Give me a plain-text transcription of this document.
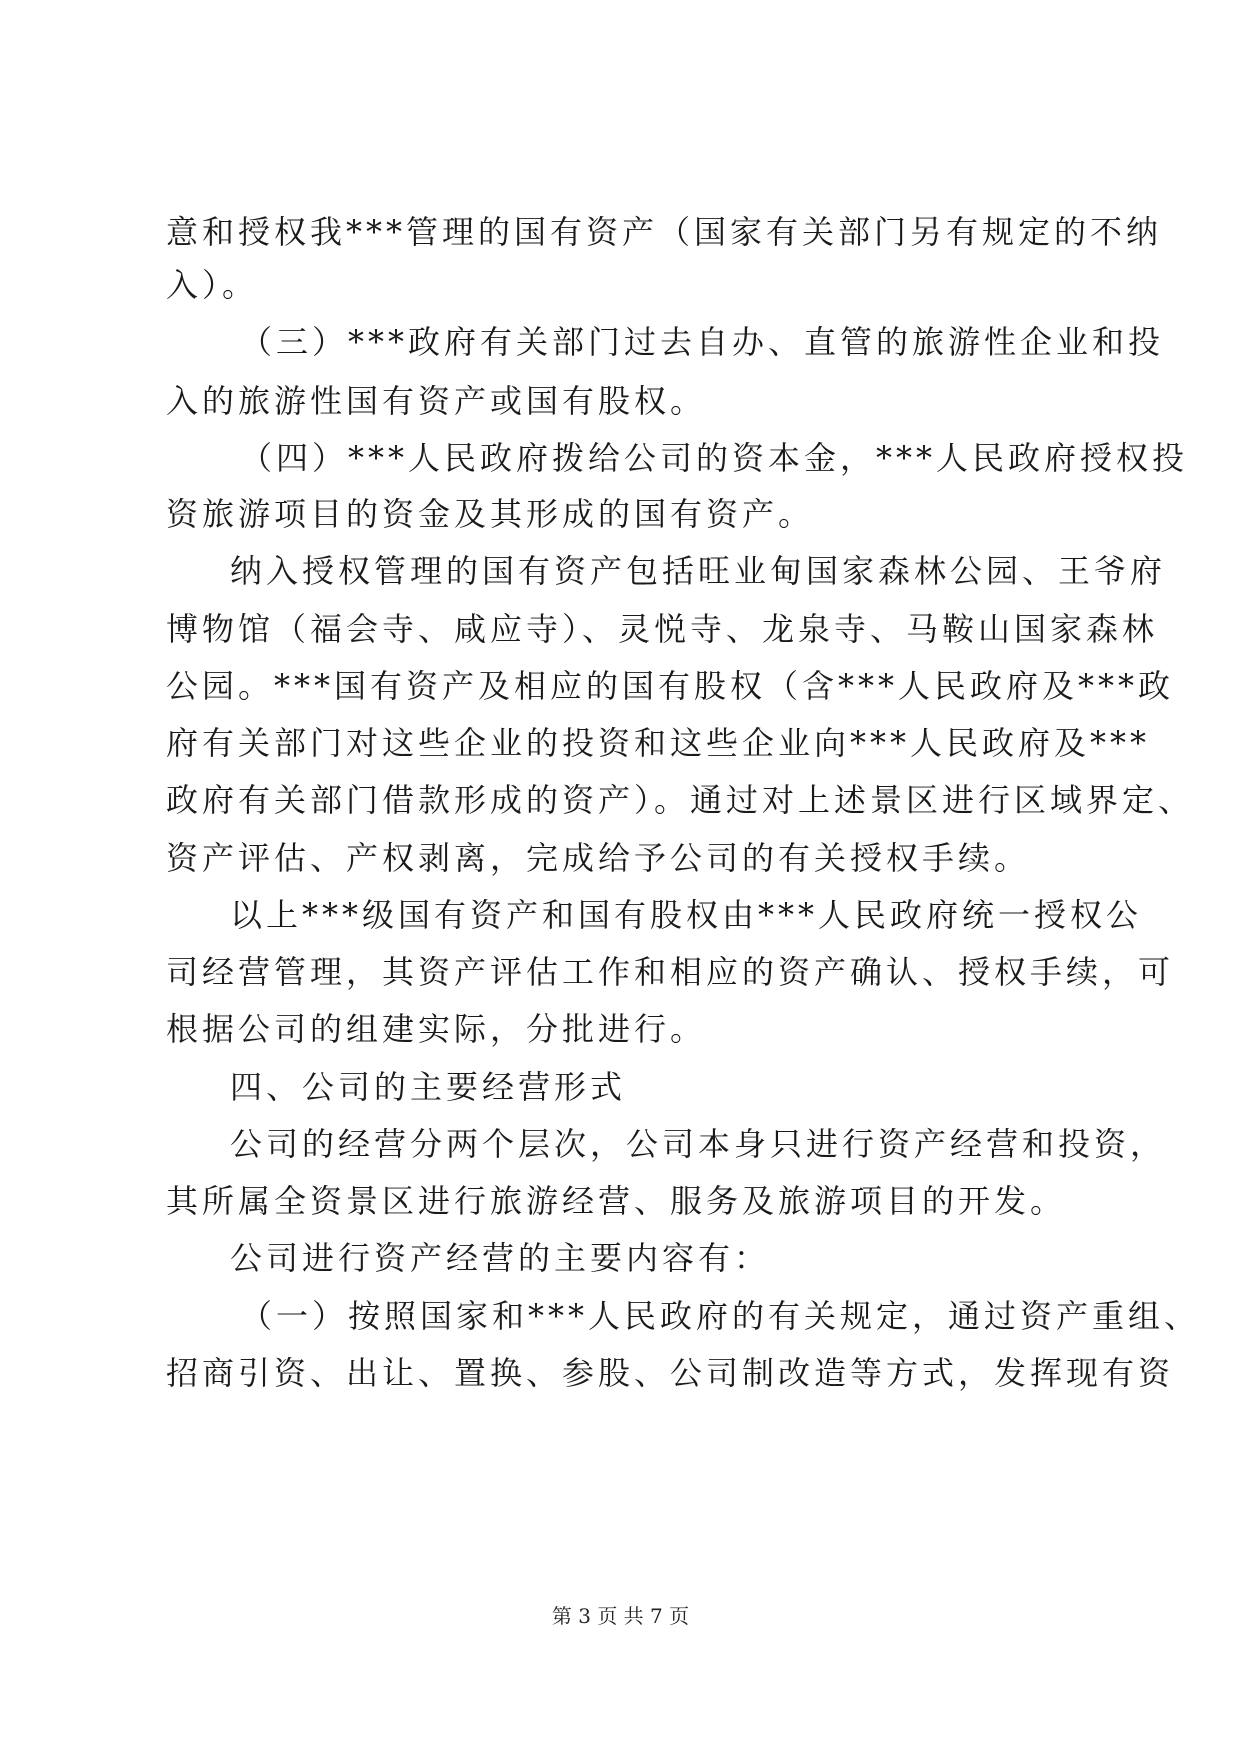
意和授权我***管理的国有资产（国家有关部门另有规定的不纳
入）。
（三）***政府有关部门过去自办、直管的旅游性企业和投
入的旅游性国有资产或国有股权。
（四）***人民政府拨给公司的资本金，***人民政府授权投
资旅游项目的资金及其形成的国有资产。
纳入授权管理的国有资产包括旺业甸国家森林公园、王爷府
博物馆（福会寺、咸应寺）、灵悦寺、龙泉寺、马鞍山国家森林
公园。***国有资产及相应的国有股权（含***人民政府及***政
府有关部门对这些企业的投资和这些企业向***人民政府及***
政府有关部门借款形成的资产）。通过对上述景区进行区域界定、
资产评估、产权剥离，完成给予公司的有关授权手续。
以上***级国有资产和国有股权由***人民政府统一授权公
司经营管理，其资产评估工作和相应的资产确认、授权手续，可
根据公司的组建实际，分批进行。
四、公司的主要经营形式
公司的经营分两个层次，公司本身只进行资产经营和投资，
其所属全资景区进行旅游经营、服务及旅游项目的开发。
公司进行资产经营的主要内容有：
（一）按照国家和***人民政府的有关规定，通过资产重组、
招商引资、出让、置换、参股、公司制改造等方式，发挥现有资
第 3 页 共 7 页
